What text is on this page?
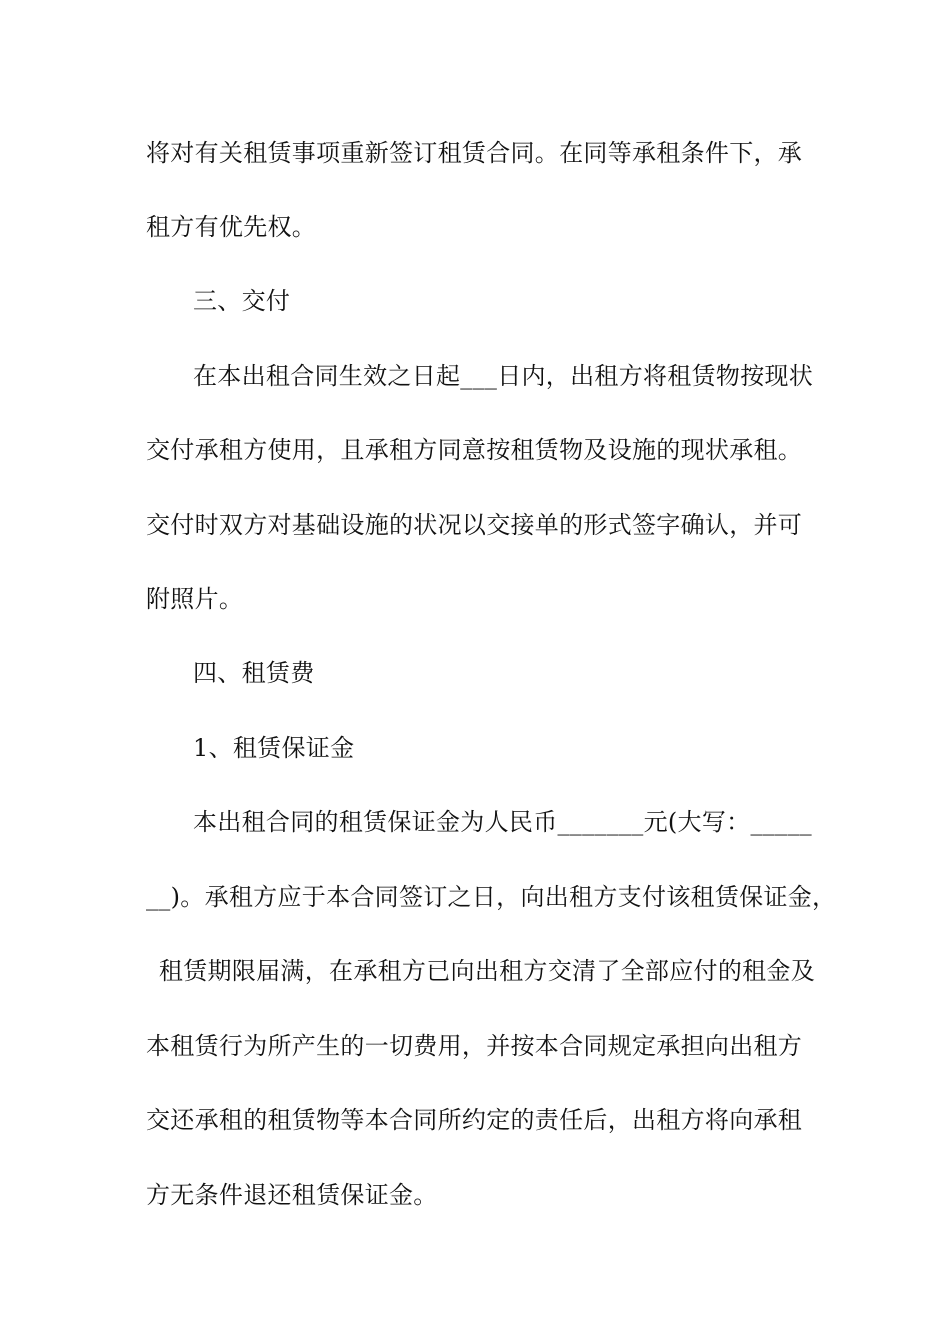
将对有关租赁事项重新签订租赁合同。在同等承租条件下，承
租方有优先权。
三、交付
在本出租合同生效之日起___日内，出租方将租赁物按现状
交付承租方使用，且承租方同意按租赁物及设施的现状承租。
交付时双方对基础设施的状况以交接单的形式签字确认，并可
附照片。
四、租赁费
1、租赁保证金
本出租合同的租赁保证金为人民币_______元(大写：_____
__)。承租方应于本合同签订之日，向出租方支付该租赁保证金，
租赁期限届满，在承租方已向出租方交清了全部应付的租金及
本租赁行为所产生的一切费用，并按本合同规定承担向出租方
交还承租的租赁物等本合同所约定的责任后，出租方将向承租
方无条件退还租赁保证金。
